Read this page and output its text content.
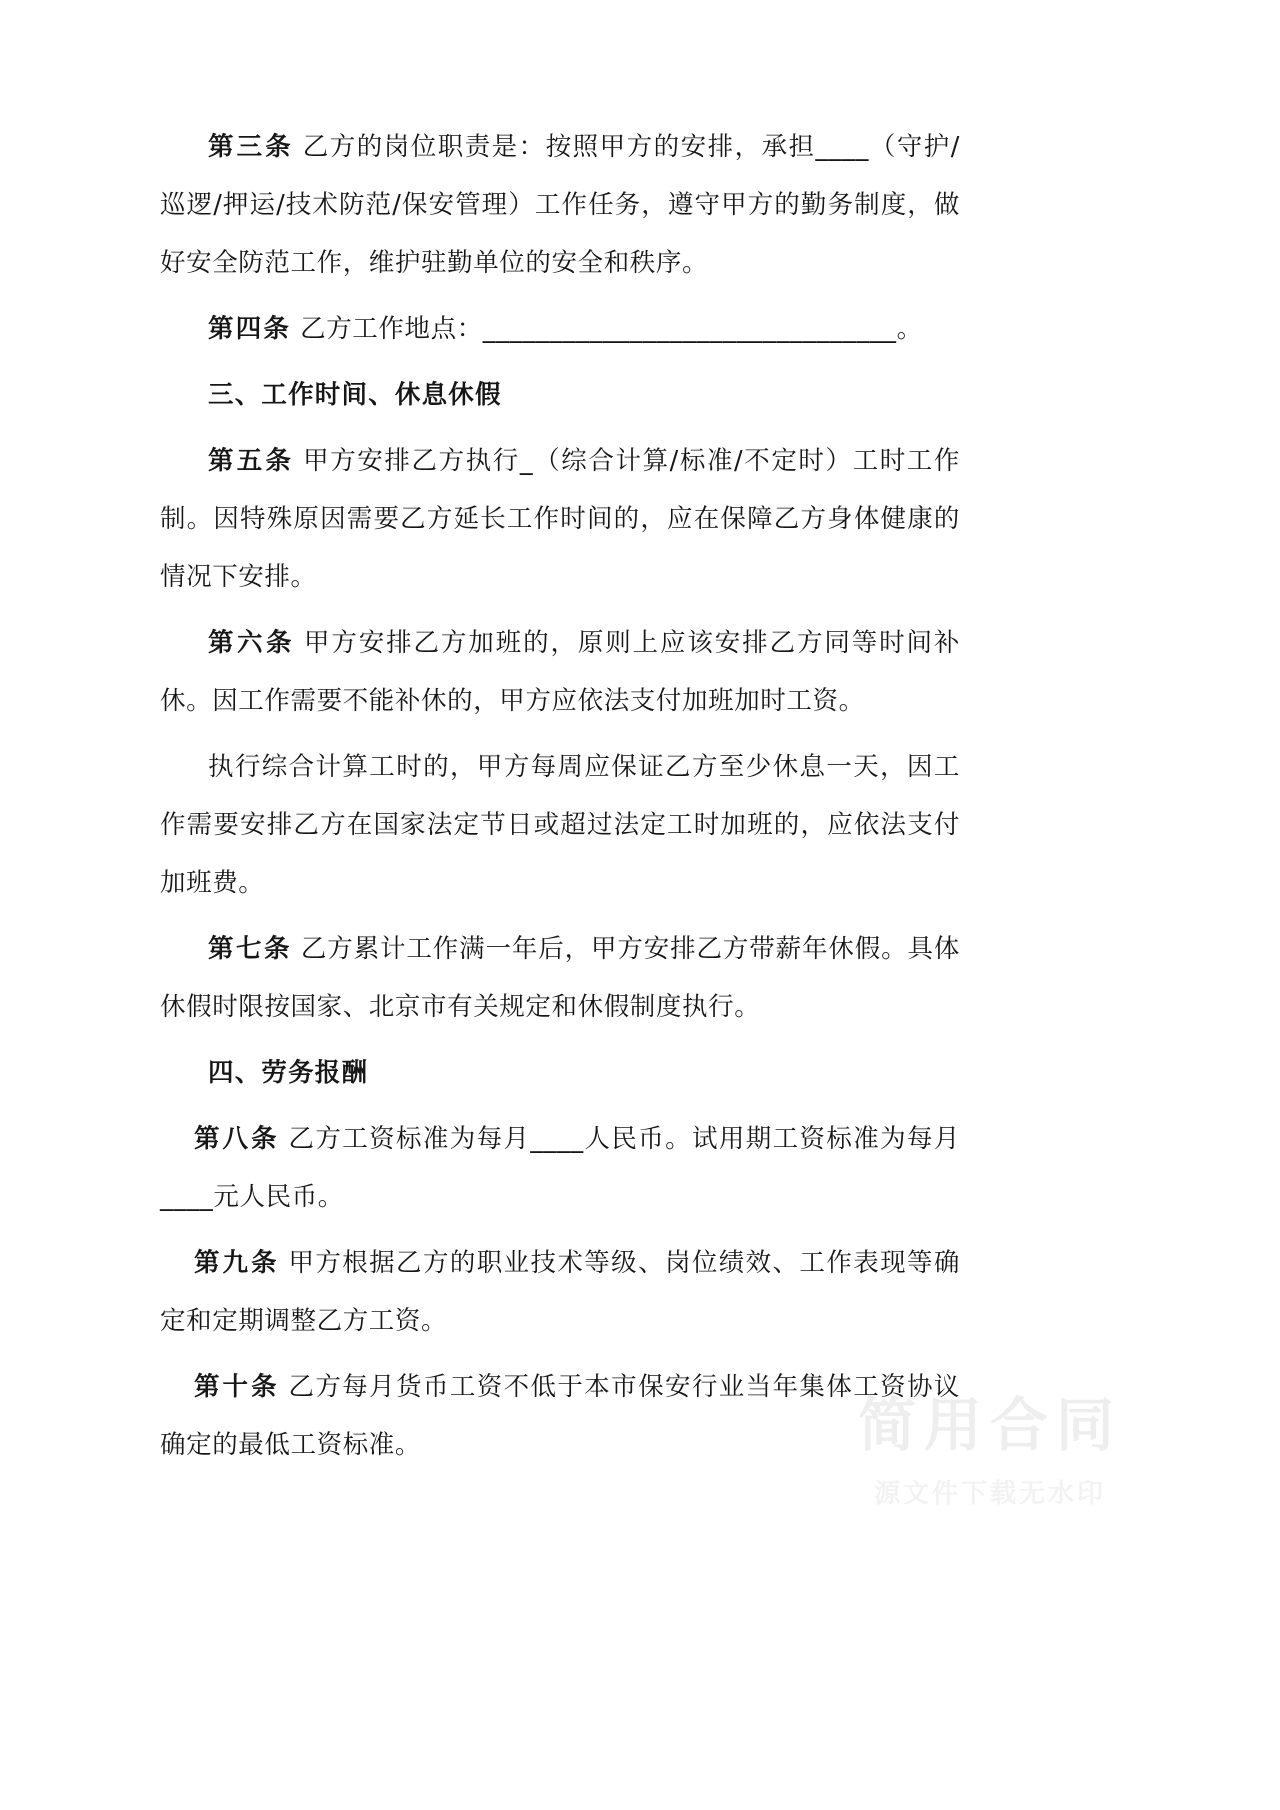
第三条 乙方的岗位职责是：按照甲方的安排，承担____（守护/巡逻/押运/技术防范/保安管理）工作任务，遵守甲方的勤务制度，做好安全防范工作，维护驻勤单位的安全和秩序。

第四条 乙方工作地点：_______________________________。

三、工作时间、休息休假

第五条 甲方安排乙方执行_（综合计算/标准/不定时）工时工作制。因特殊原因需要乙方延长工作时间的，应在保障乙方身体健康的情况下安排。

第六条 甲方安排乙方加班的，原则上应该安排乙方同等时间补休。因工作需要不能补休的，甲方应依法支付加班加时工资。

执行综合计算工时的，甲方每周应保证乙方至少休息一天，因工作需要安排乙方在国家法定节日或超过法定工时加班的，应依法支付加班费。

第七条 乙方累计工作满一年后，甲方安排乙方带薪年休假。具体休假时限按国家、北京市有关规定和休假制度执行。

四、劳务报酬

第八条 乙方工资标准为每月____人民币。试用期工资标准为每月____元人民币。

第九条 甲方根据乙方的职业技术等级、岗位绩效、工作表现等确定和定期调整乙方工资。

第十条 乙方每月货币工资不低于本市保安行业当年集体工资协议确定的最低工资标准。	简用合同
源文件下载无水印
